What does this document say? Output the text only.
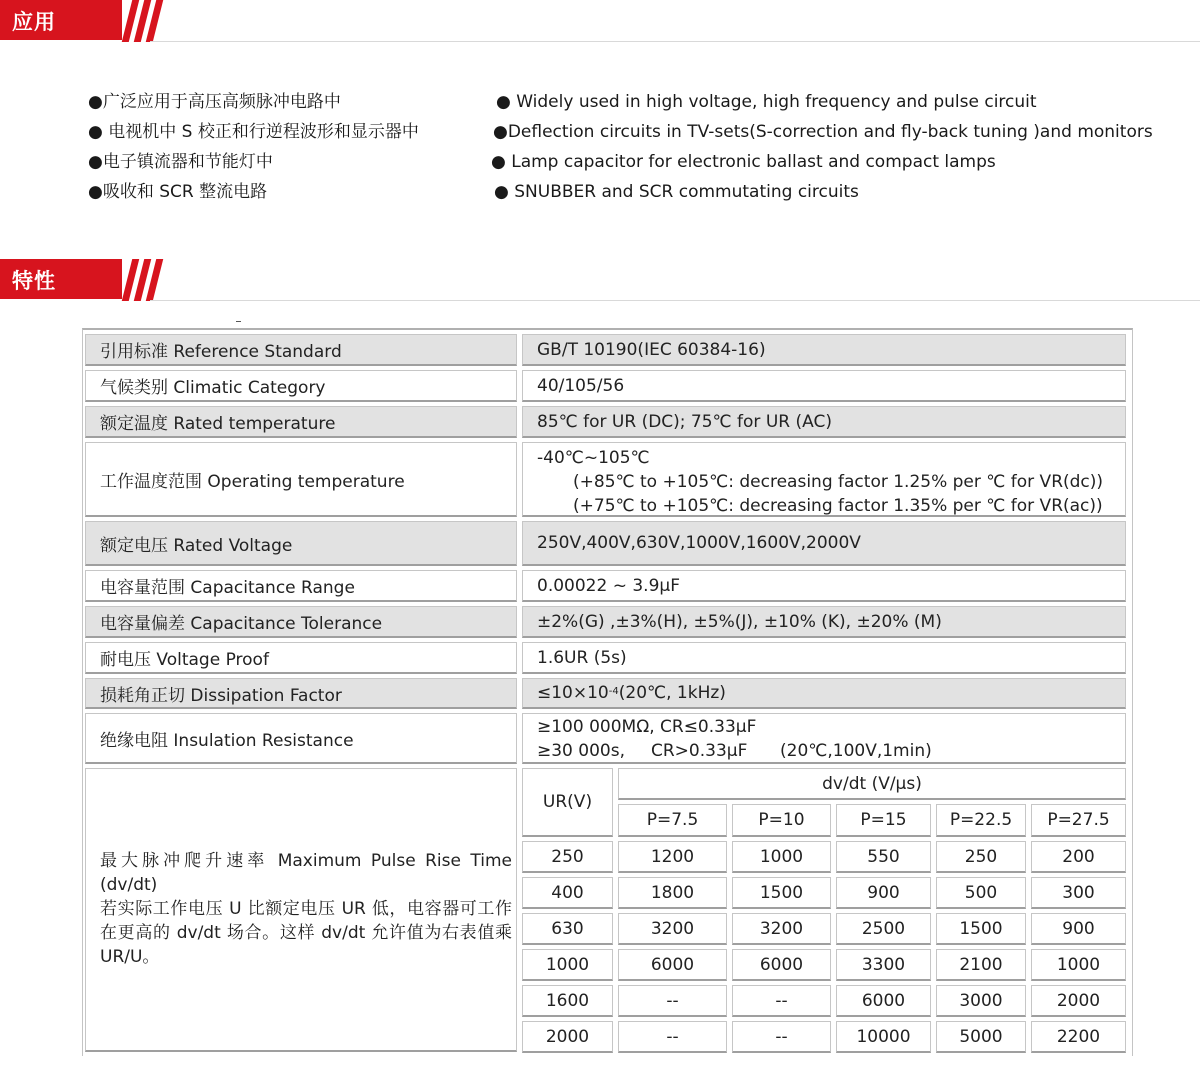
应用
●广泛应用于高压高频脉冲电路中
● 电视机中 S 校正和行逆程波形和显示器中
●电子镇流器和节能灯中
●吸收和 SCR 整流电路
● Widely used in high voltage, high frequency and pulse circuit
●Deflection circuits in TV-sets(S-correction and fly-back tuning )and monitors
● Lamp capacitor for electronic ballast and compact lamps
● SNUBBER and SCR commutating circuits
特性
引用标准 Reference Standard	GB/T 10190(IEC 60384-16)
气候类别 Climatic Category	40/105/56
额定温度 Rated temperature	85℃ for UR (DC); 75℃ for UR (AC)
工作温度范围 Operating temperature
-40℃~105℃
(+85℃ to +105℃: decreasing factor 1.25% per ℃ for VR(dc))
(+75℃ to +105℃: decreasing factor 1.35% per ℃ for VR(ac))
额定电压 Rated Voltage	250V,400V,630V,1000V,1600V,2000V
电容量范围 Capacitance Range	0.00022 ~ 3.9μF
电容量偏差 Capacitance Tolerance	±2%(G) ,±3%(H), ±5%(J), ±10% (K), ±20% (M)
耐电压 Voltage Proof	1.6UR (5s)
损耗角正切 Dissipation Factor	$\le 10\times 10^{-4}$ (20℃, 1kHz)
绝缘电阻 Insulation Resistance
≥100 000MΩ, CR≤0.33μF
≥30 000s, CR>0.33μF (20℃,100V,1min)
最大脉冲爬升速率 Maximum Pulse Rise Time (dv/dt)
若实际工作电压 U 比额定电压 UR 低，电容器可工作在更高的 dv/dt 场合。这样 dv/dt 允许值为右表值乘 UR/U。
UR(V)
dv/dt (V/μs)
P=7.5	P=10	P=15	P=22.5	P=27.5
250	1200	1000	550	250	200
400	1800	1500	900	500	300
630	3200	3200	2500	1500	900
1000	6000	6000	3300	2100	1000
1600	--	--	6000	3000	2000
2000	--	--	10000	5000	2200
